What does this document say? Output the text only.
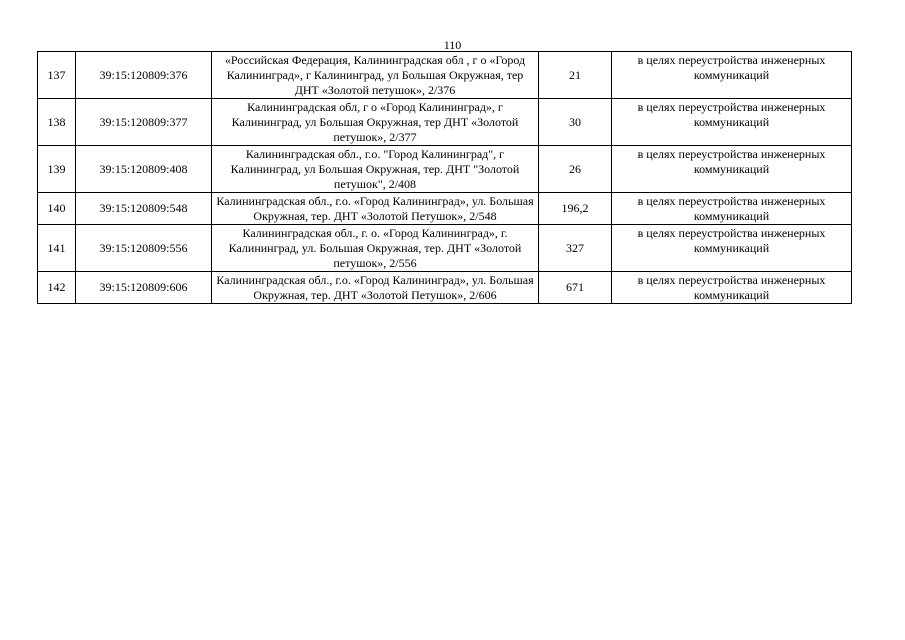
110
137	39:15:120809:376	«Российская Федерация, Калининградская обл , г о «Город Калининград», г Калининград, ул Большая Окружная, тер ДНТ «Золотой петушок», 2/376	21	в целях переустройства инженерных коммуникаций
138	39:15:120809:377	Калининградская обл, г о «Город Калининград», г Калининград, ул Большая Окружная, тер ДНТ «Золотой петушок», 2/377	30	в целях переустройства инженерных коммуникаций
139	39:15:120809:408	Калининградская обл., г.о. "Город Калининград", г Калининград, ул Большая Окружная, тер. ДНТ "Золотой петушок", 2/408	26	в целях переустройства инженерных коммуникаций
140	39:15:120809:548	Калининградская обл., г.о. «Город Калининград», ул. Большая Окружная, тер. ДНТ «Золотой Петушок», 2/548	196,2	в целях переустройства инженерных коммуникаций
141	39:15:120809:556	Калининградская обл., г. о. «Город Калининград», г. Калининград, ул. Большая Окружная, тер. ДНТ «Золотой петушок», 2/556	327	в целях переустройства инженерных коммуникаций
142	39:15:120809:606	Калининградская обл., г.о. «Город Калининград», ул. Большая Окружная, тер. ДНТ «Золотой Петушок», 2/606	671	в целях переустройства инженерных коммуникаций
